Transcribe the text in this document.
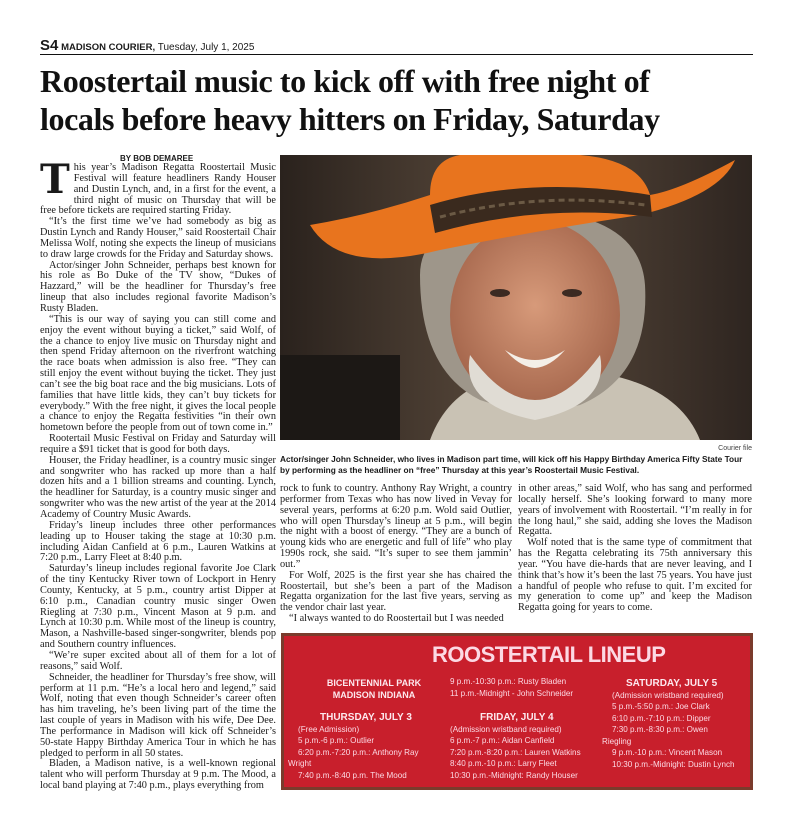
S4 MADISON COURIER, Tuesday, July 1, 2025
Roostertail music to kick off with free night of
locals before heavy hitters on Friday, Saturday
BY BOB DEMAREE

This year’s Madison Regatta Roostertail Music Festival will feature headliners Randy Houser and Dustin Lynch, and, in a first for the event, a third night of music on Thursday that will be free before tickets are required starting Friday.

“It’s the first time we’ve had somebody as big as Dustin Lynch and Randy Houser,” said Roostertail Chair Melissa Wolf, noting she expects the lineup of musicians to draw large crowds for the Friday and Saturday shows.

Actor/singer John Schneider, perhaps best known for his role as Bo Duke of the TV show, “Dukes of Hazzard,” will be the headliner for Thursday’s free lineup that also includes regional favorite Madison’s Rusty Bladen.

“This is our way of saying you can still come and enjoy the event without buying a ticket,” said Wolf, of the a chance to enjoy live music on Thursday night and then spend Friday afternoon on the riverfront watching the race boats when admission is also free. “They can still enjoy the event without buying the ticket. They just can’t see the big boat race and the big musicians. Lots of families that have little kids, they can’t buy tickets for everybody.” With the free night, it gives the local people a chance to enjoy the Regatta festivities “in their own hometown before the people from out of town come in.”

Rootertail Music Festival on Friday and Saturday will require a $91 ticket that is good for both days.

Houser, the Friday headliner, is a country music singer and songwriter who has racked up more than a half dozen hits and a 1 billion streams and counting. Lynch, the headliner for Saturday, is a country music singer and songwriter who was the new artist of the year at the 2014 Academy of Country Music Awards.

Friday’s lineup includes three other performances leading up to Houser taking the stage at 10:30 p.m. including Aidan Canfield at 6 p.m., Lauren Watkins at 7:20 p.m., Larry Fleet at 8:40 p.m.

Saturday’s lineup includes regional favorite Joe Clark of the tiny Kentucky River town of Lockport in Henry County, Kentucky, at 5 p.m., country artist Dipper at 6:10 p.m., Canadian country music singer Owen Riegling at 7:30 p.m., Vincent Mason at 9 p.m. and Lynch at 10:30 p.m. While most of the lineup is country, Mason, a Nashville-based singer-songwriter, blends pop and Southern country influences.

“We’re super excited about all of them for a lot of reasons,” said Wolf.

Schneider, the headliner for Thursday’s free show, will perform at 11 p.m. “He’s a local hero and legend,” said Wolf, noting that even though Schneider’s career often has him traveling, he’s been living part of the time the last couple of years in Madison with his wife, Dee Dee. The performance in Madison will kick off Schneider’s 50-state Happy Birthday America Tour in which he has pledged to perform in all 50 states.

Bladen, a Madison native, is a well-known regional talent who will perform Thursday at 9 p.m. The Mood, a local band playing at 7:40 p.m., plays everything from

Courier file
Actor/singer John Schneider, who lives in Madison part time, will kick off his Happy Birthday America Fifty State Tour by performing as the headliner on “free” Thursday at this year’s Roostertail Music Festival.

rock to funk to country. Anthony Ray Wright, a country performer from Texas who has now lived in Vevay for several years, performs at 6:20 p.m. Wold said Outlier, who will open Thursday’s lineup at 5 p.m., will begin the night with a boost of energy. “They are a bunch of young kids who are energetic and full of life” who play 1990s rock, she said. “It’s super to see them jammin’ out.”

For Wolf, 2025 is the first year she has chaired the Roostertail, but she’s been a part of the Madison Regatta organization for the last five years, serving as the vendor chair last year.

“I always wanted to do Roostertail but I was needed

in other areas,” said Wolf, who has sang and performed locally herself. She’s looking forward to many more years of involvement with Roostertail. “I’m really in for the long haul,” she said, adding she loves the Madison Regatta.

Wolf noted that is the same type of commitment that has the Regatta celebrating its 75th anniversary this year. “You have die-hards that are never leaving, and I think that’s how it’s been the last 75 years. You have just a handful of people who refuse to quit. I’m excited for my generation to come up” and keep the Madison Regatta going for years to come.

ROOSTERTAIL LINEUP
BICENTENNIAL PARK
MADISON INDIANA
THURSDAY, JULY 3
(Free Admission)
5 p.m.-6 p.m.: Outlier
6:20 p.m.-7:20 p.m.: Anthony Ray
Wright
7:40 p.m.-8:40 p.m. The Mood
9 p.m.-10:30 p.m.: Rusty Bladen
11 p.m.-Midnight - John Schneider
FRIDAY, JULY 4
(Admission wristband required)
6 p.m.-7 p.m.: Aidan Canfield
7:20 p.m.-8:20 p.m.: Lauren Watkins
8:40 p.m.-10 p.m.: Larry Fleet
10:30 p.m.-Midnight: Randy Houser
SATURDAY, JULY 5
(Admission wristband required)
5 p.m.-5:50 p.m.: Joe Clark
6:10 p.m.-7:10 p.m.: Dipper
7:30 p.m.-8:30 p.m.: Owen
Riegling
9 p.m.-10 p.m.: Vincent Mason
10:30 p.m.-Midnight: Dustin Lynch
